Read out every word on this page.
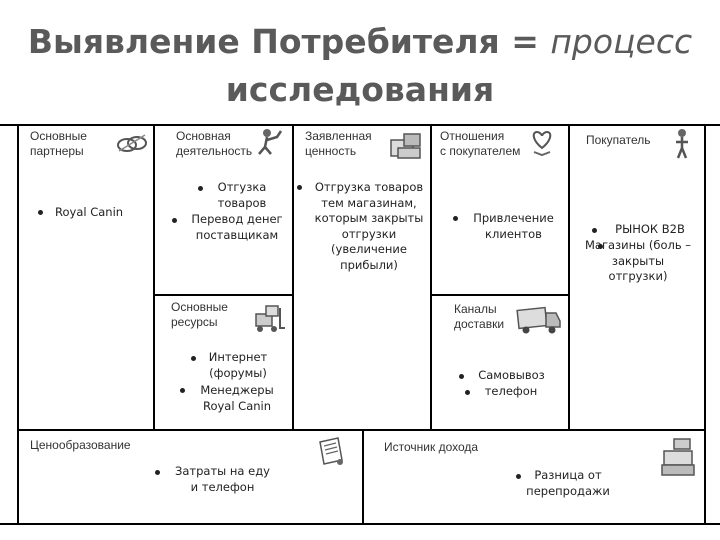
Выявление Потребителя = процесс
исследования
Основные
партнеры
Royal Canin
Основная
деятельность
Отгузка товаров
Перевод денег поставщикам
Заявленная
ценность
Отгрузка товаров тем магазинам, которым закрыты отгрузки (увеличение прибыли)
Отношения
с покупателем
Привлечение клиентов
Покупатель
РЫНОК B2B
Магазины (боль – закрыты отгрузки)
Основные
ресурсы
Интернет (форумы)
Менеджеры Royal Canin
Каналы
доставки
Самовывоз
телефон
Ценообразование
Затраты на еду и телефон
Источник дохода
Разница от перепродажи
